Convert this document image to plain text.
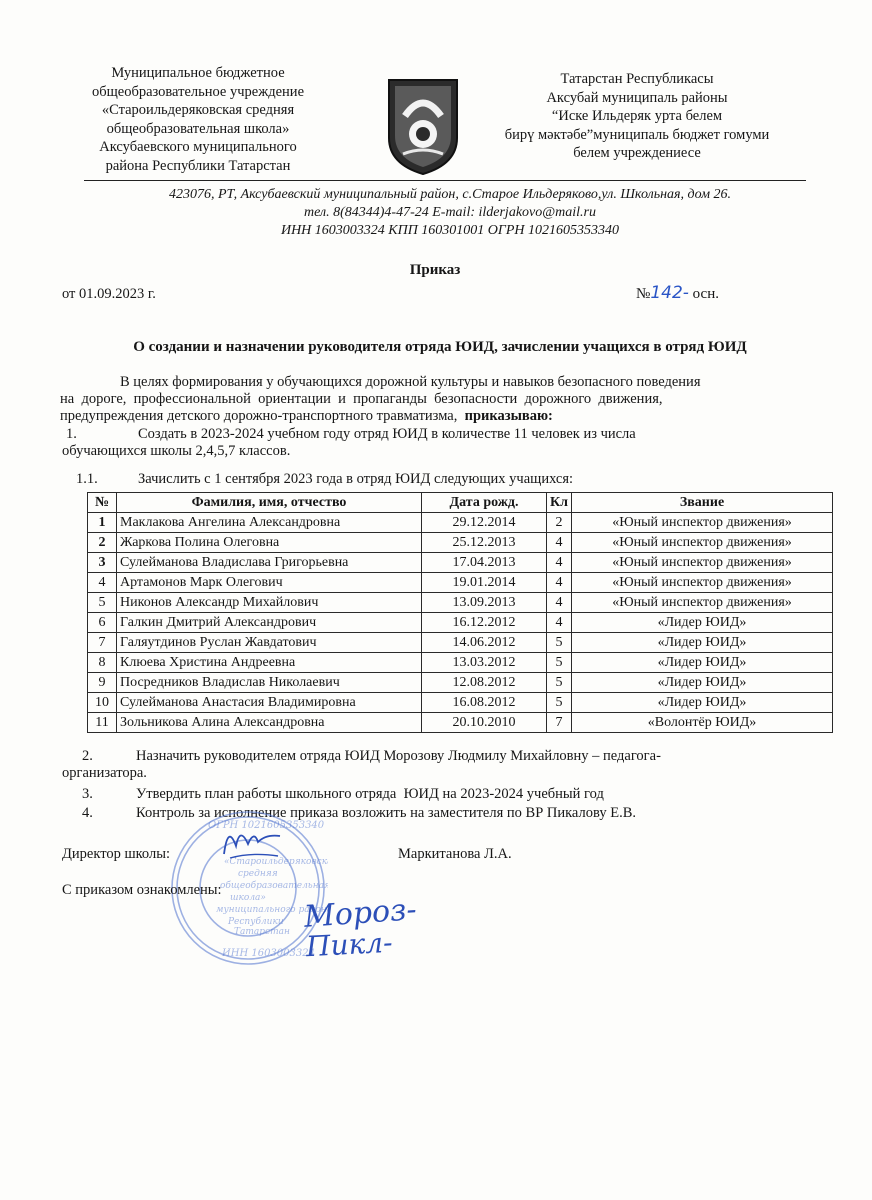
Муниципальное бюджетное
общеобразовательное учреждение
«Староильдеряковская средняя
общеобразовательная школа»
Аксубаевского муниципального
района Республики Татарстан
Татарстан Республикасы
Аксубай муниципаль районы
“Иске Ильдеряк урта белем
бирү мәктәбе”муниципаль бюджет гомуми
белем учреждениесе
423076, РТ, Аксубаевский муниципальный район, с.Старое Ильдеряково,ул. Школьная, дом 26.
тел. 8(84344)4-47-24 E-mail: ilderjakovo@mail.ru
ИНН 1603003324 КПП 160301001 ОГРН 1021605353340
Приказ
от 01.09.2023 г.	№142- осн.
О создании и назначении руководителя отряда ЮИД, зачислении учащихся в отряд ЮИД
В целях формирования у обучающихся дорожной культуры и навыков безопасного поведения
на  дороге,  профессиональной  ориентации  и  пропаганды  безопасности  дорожного  движения,
предупреждения детского дорожно-транспортного травматизма,  приказываю:
1.	Создать в 2023-2024 учебном году отряд ЮИД в количестве 11 человек из числа
обучающихся школы 2,4,5,7 классов.
1.1.	Зачислить с 1 сентября 2023 года в отряд ЮИД следующих учащихся:
№	Фамилия, имя, отчество	Дата рожд.	Кл	Звание
1	Маклакова Ангелина Александровна	29.12.2014	2	«Юный инспектор движения»
2	Жаркова Полина Олеговна	25.12.2013	4	«Юный инспектор движения»
3	Сулейманова Владислава Григорьевна	17.04.2013	4	«Юный инспектор движения»
4	Артамонов Марк Олегович	19.01.2014	4	«Юный инспектор движения»
5	Никонов Александр Михайлович	13.09.2013	4	«Юный инспектор движения»
6	Галкин Дмитрий Александрович	16.12.2012	4	«Лидер ЮИД»
7	Галяутдинов Руслан Жавдатович	14.06.2012	5	«Лидер ЮИД»
8	Клюева Христина Андреевна	13.03.2012	5	«Лидер ЮИД»
9	Посредников Владислав Николаевич	12.08.2012	5	«Лидер ЮИД»
10	Сулейманова Анастасия Владимировна	16.08.2012	5	«Лидер ЮИД»
11	Зольникова Алина Александровна	20.10.2010	7	«Волонтёр ЮИД»
2.	Назначить руководителем отряда ЮИД Морозову Людмилу Михайловну – педагога-
организатора.
3.	Утвердить план работы школьного отряда  ЮИД на 2023-2024 учебный год
4.	Контроль за исполнение приказа возложить на заместителя по ВР Пикалову Е.В.
«Староильдеряковская
средняя
общеобразовательная
школа»
муниципального района
Республики
Татарстан
ИНН 1603003324
ОГРН 1021605353340
Директор школы:	Маркитанова Л.А.
С приказом ознакомлены:
Мороз-
Пикл-
